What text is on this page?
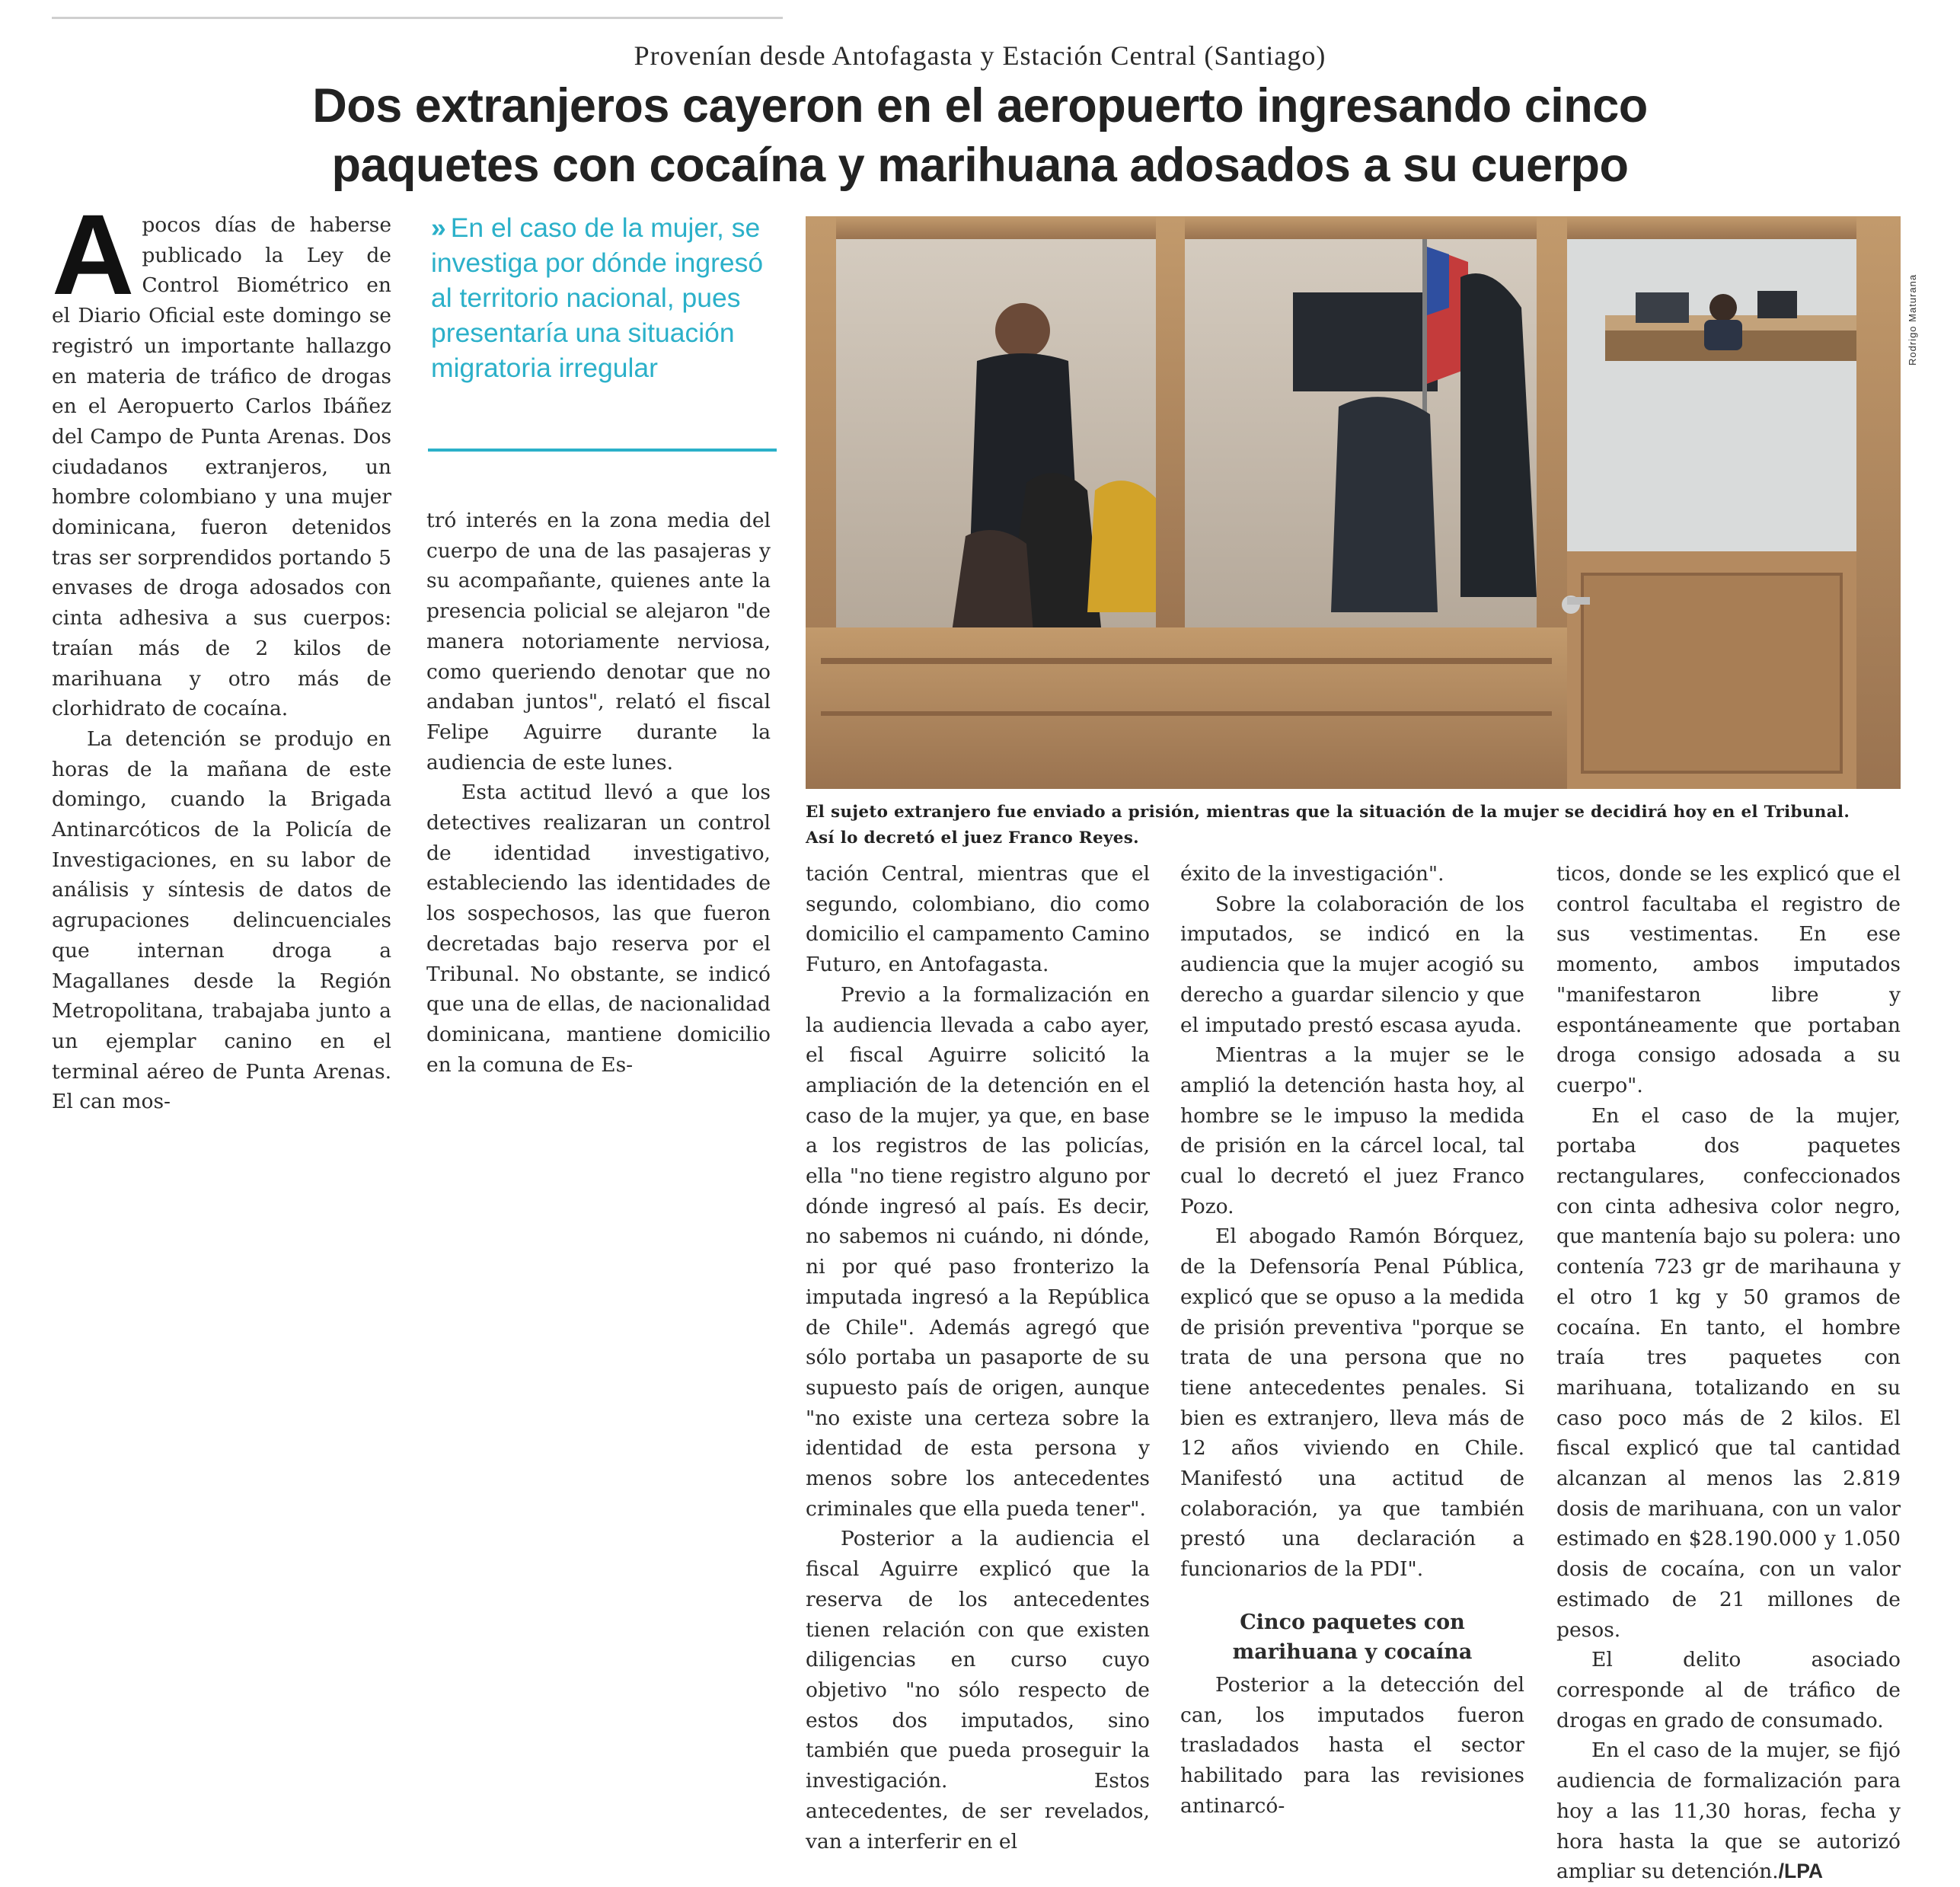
Provenían desde Antofagasta y Estación Central (Santiago)
Dos extranjeros cayeron en el aeropuerto ingresando cinco
paquetes con cocaína y marihuana adosados a su cuerpo

Apocos días de haberse publicado la Ley de Control Biométrico en el Diario Oficial este domingo se registró un importante hallazgo en materia de tráfico de drogas en el Aeropuerto Carlos Ibáñez del Campo de Punta Arenas. Dos ciudadanos extranjeros, un hombre colombiano y una mujer dominicana, fueron detenidos tras ser sorprendidos portando 5 envases de droga adosados con cinta adhesiva a sus cuerpos: traían más de 2 kilos de marihuana y otro más de clorhidrato de cocaína.

La detención se produjo en horas de la mañana de este domingo, cuando la Brigada Antinarcóticos de la Policía de Investigaciones, en su labor de análisis y síntesis de datos de agrupaciones delincuenciales que internan droga a Magallanes desde la Región Metropolitana, trabajaba junto a un ejemplar canino en el terminal aéreo de Punta Arenas. El can mos-

» En el caso de la mujer, se investiga por dónde ingresó al territorio nacional, pues presentaría una situación migratoria irregular

tró interés en la zona media del cuerpo de una de las pasajeras y su acompañante, quienes ante la presencia policial se alejaron "de manera notoriamente nerviosa, como queriendo denotar que no andaban juntos", relató el fiscal Felipe Aguirre durante la audiencia de este lunes.

Esta actitud llevó a que los detectives realizaran un control de identidad investigativo, estableciendo las identidades de los sospechosos, las que fueron decretadas bajo reserva por el Tribunal. No obstante, se indicó que una de ellas, de nacionalidad dominicana, mantiene domicilio en la comuna de Es-

Rodrigo Maturana
El sujeto extranjero fue enviado a prisión, mientras que la situación de la mujer se decidirá hoy en el Tribunal.
Así lo decretó el juez Franco Reyes.

tación Central, mientras que el segundo, colombiano, dio como domicilio el campamento Camino Futuro, en Antofagasta.

Previo a la formalización en la audiencia llevada a cabo ayer, el fiscal Aguirre solicitó la ampliación de la detención en el caso de la mujer, ya que, en base a los registros de las policías, ella "no tiene registro alguno por dónde ingresó al país. Es decir, no sabemos ni cuándo, ni dónde, ni por qué paso fronterizo la imputada ingresó a la República de Chile". Además agregó que sólo portaba un pasaporte de su supuesto país de origen, aunque "no existe una certeza sobre la identidad de esta persona y menos sobre los antecedentes criminales que ella pueda tener".

Posterior a la audiencia el fiscal Aguirre explicó que la reserva de los antecedentes tienen relación con que existen diligencias en curso cuyo objetivo "no sólo respecto de estos dos imputados, sino también que pueda proseguir la investigación. Estos antecedentes, de ser revelados, van a interferir en el

éxito de la investigación".

Sobre la colaboración de los imputados, se indicó en la audiencia que la mujer acogió su derecho a guardar silencio y que el imputado prestó escasa ayuda.

Mientras a la mujer se le amplió la detención hasta hoy, al hombre se le impuso la medida de prisión en la cárcel local, tal cual lo decretó el juez Franco Pozo.

El abogado Ramón Bórquez, de la Defensoría Penal Pública, explicó que se opuso a la medida de prisión preventiva "porque se trata de una persona que no tiene antecedentes penales. Si bien es extranjero, lleva más de 12 años viviendo en Chile. Manifestó una actitud de colaboración, ya que también prestó una declaración a funcionarios de la PDI".

Cinco paquetes con
marihuana y cocaína

Posterior a la detección del can, los imputados fueron trasladados hasta el sector habilitado para las revisiones antinarcó-

ticos, donde se les explicó que el control facultaba el registro de sus vestimentas. En ese momento, ambos imputados "manifestaron libre y espontáneamente que portaban droga consigo adosada a su cuerpo".

En el caso de la mujer, portaba dos paquetes rectangulares, confeccionados con cinta adhesiva color negro, que mantenía bajo su polera: uno contenía 723 gr de marihauna y el otro 1 kg y 50 gramos de cocaína. En tanto, el hombre traía tres paquetes con marihuana, totalizando en su caso poco más de 2 kilos. El fiscal explicó que tal cantidad alcanzan al menos las 2.819 dosis de marihuana, con un valor estimado en $28.190.000 y 1.050 dosis de cocaína, con un valor estimado de 21 millones de pesos.

El delito asociado corresponde al de tráfico de drogas en grado de consumado.

En el caso de la mujer, se fijó audiencia de formalización para hoy a las 11,30 horas, fecha y hora hasta la que se autorizó ampliar su detención./LPA
